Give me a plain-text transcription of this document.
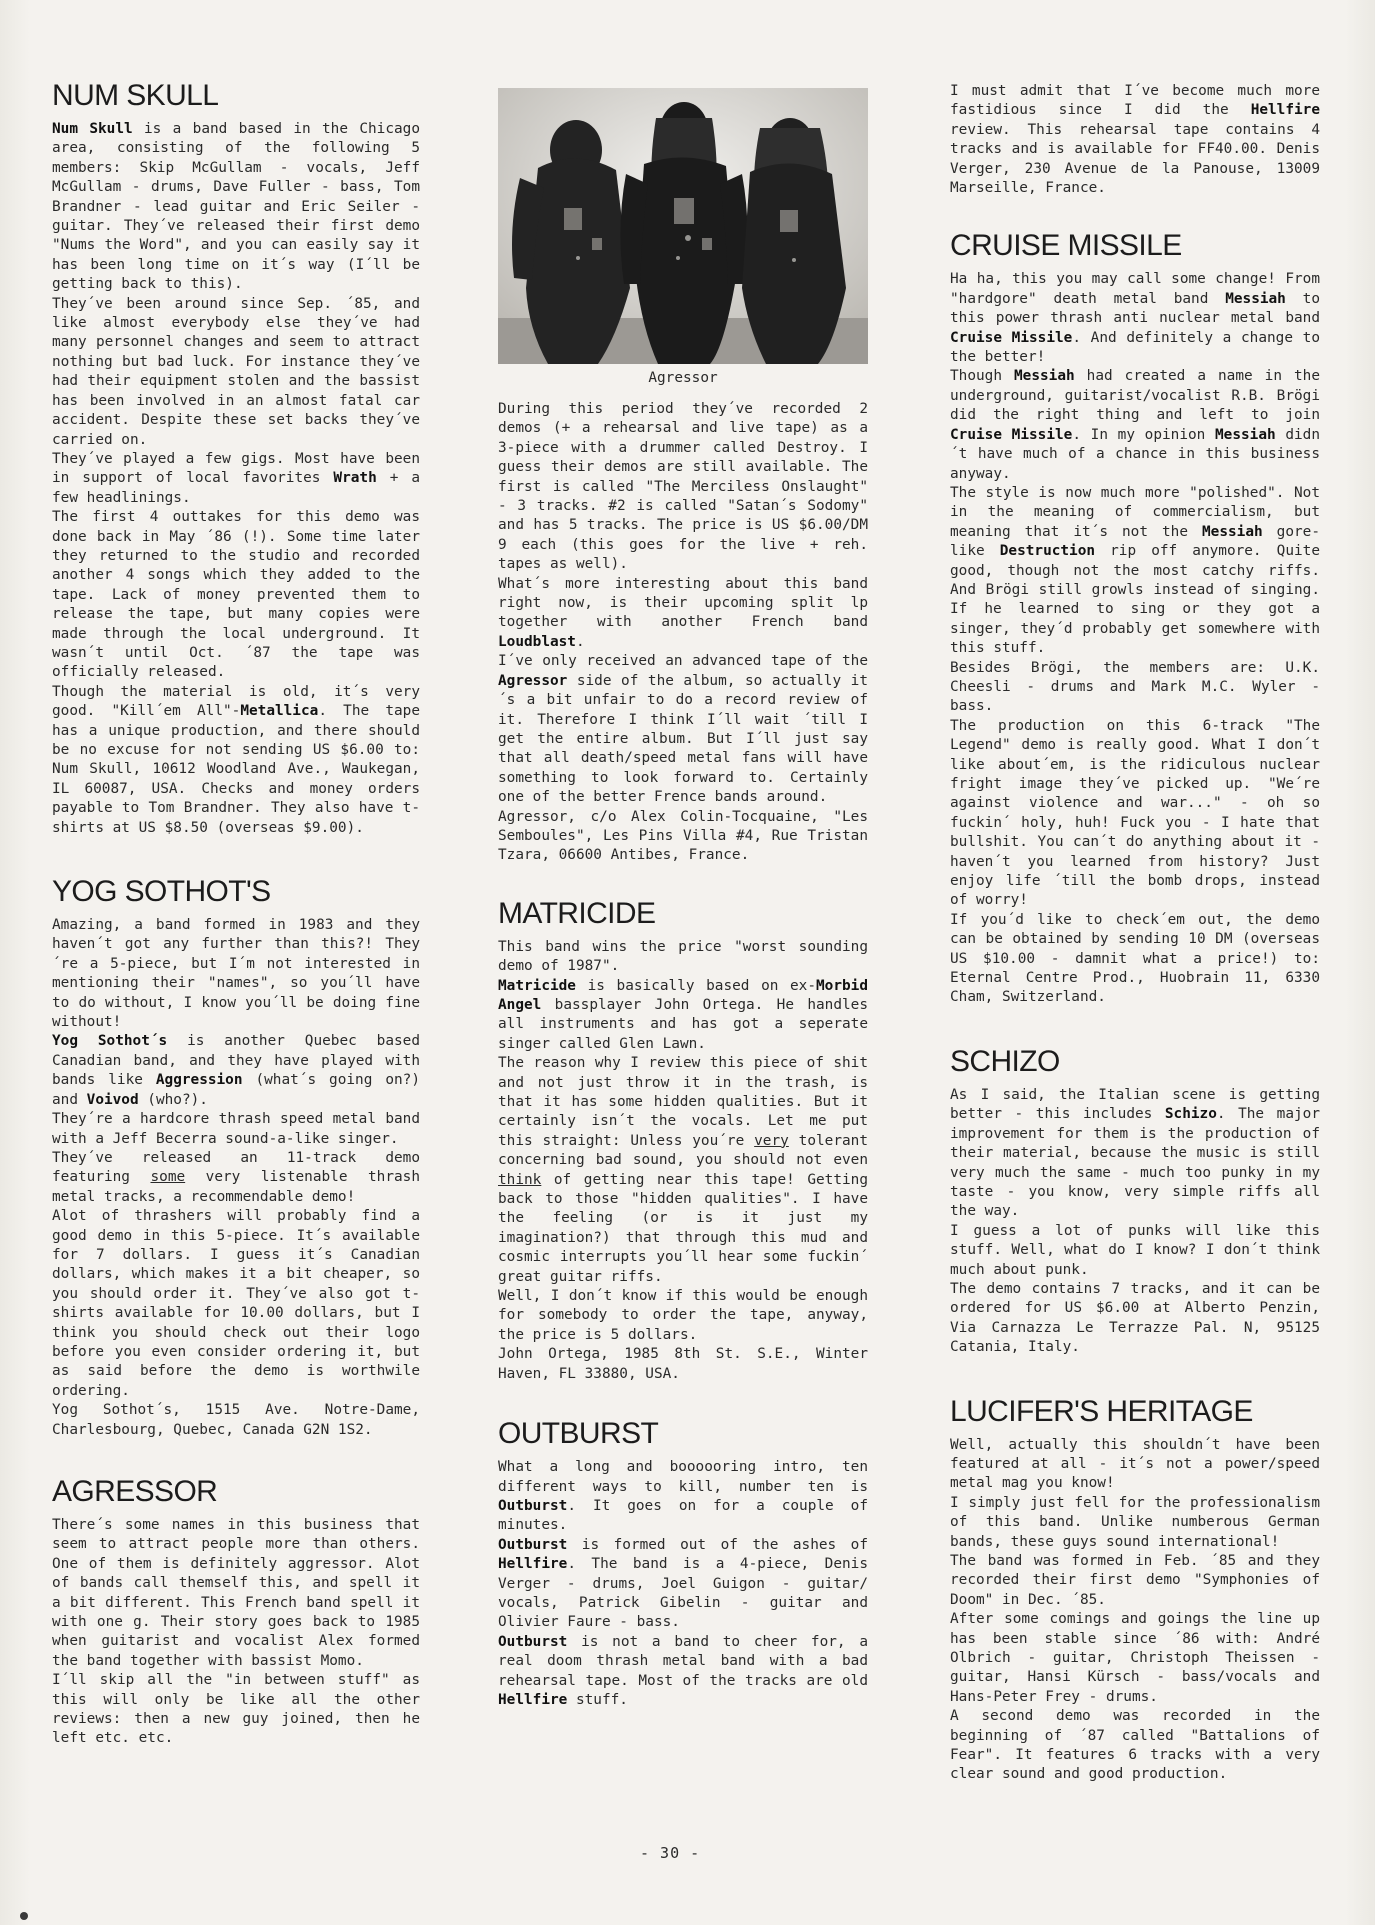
NUM SKULL

Num Skull is a band based in the Chicago area, consisting of the following 5 members: Skip McGullam - vocals, Jeff McGullam - drums, Dave Fuller - bass, Tom Brandner - lead guitar and Eric Seiler - guitar. They´ve released their first demo "Nums the Word", and you can easily say it has been long time on it´s way (I´ll be getting back to this).

They´ve been around since Sep. ´85, and like almost everybody else they´ve had many personnel changes and seem to attract nothing but bad luck. For instance they´ve had their equipment stolen and the bassist has been involved in an almost fatal car accident. Despite these set backs they´ve carried on.

They´ve played a few gigs. Most have been in support of local favorites Wrath + a few headlinings.

The first 4 outtakes for this demo was done back in May ´86 (!). Some time later they returned to the studio and recorded another 4 songs which they added to the tape. Lack of money prevented them to release the tape, but many copies were made through the local underground. It wasn´t until Oct. ´87 the tape was officially released.

Though the material is old, it´s very good. "Kill´em All"-Metallica. The tape has a unique production, and there should be no excuse for not sending US $6.00 to: Num Skull, 10612 Woodland Ave., Waukegan, IL 60087, USA. Checks and money orders payable to Tom Brandner. They also have t-shirts at US $8.50 (overseas $9.00).

YOG SOTHOT'S

Amazing, a band formed in 1983 and they haven´t got any further than this?! They´re a 5-piece, but I´m not interested in mentioning their "names", so you´ll have to do without, I know you´ll be doing fine without!

Yog Sothot´s is another Quebec based Canadian band, and they have played with bands like Aggression (what´s going on?) and Voivod (who?).

They´re a hardcore thrash speed metal band with a Jeff Becerra sound-a-like singer.

They´ve released an 11-track demo featuring some very listenable thrash metal tracks, a recommendable demo!

Alot of thrashers will probably find a good demo in this 5-piece. It´s available for 7 dollars. I guess it´s Canadian dollars, which makes it a bit cheaper, so you should order it. They´ve also got t-shirts available for 10.00 dollars, but I think you should check out their logo before you even consider ordering it, but as said before the demo is worthwile ordering.

Yog Sothot´s, 1515 Ave. Notre-Dame, Charlesbourg, Quebec, Canada G2N 1S2.

AGRESSOR

There´s some names in this business that seem to attract people more than others. One of them is definitely aggressor. Alot of bands call themself this, and spell it a bit different. This French band spell it with one g. Their story goes back to 1985 when guitarist and vocalist Alex formed the band together with bassist Momo.

I´ll skip all the "in between stuff" as this will only be like all the other reviews: then a new guy joined, then he left etc. etc.

Agressor

During this period they´ve recorded 2 demos (+ a rehearsal and live tape) as a 3-piece with a drummer called Destroy. I guess their demos are still available. The first is called "The Merciless Onslaught" - 3 tracks. #2 is called "Satan´s Sodomy" and has 5 tracks. The price is US $6.00/DM 9 each (this goes for the live + reh. tapes as well).

What´s more interesting about this band right now, is their upcoming split lp together with another French band Loudblast.

I´ve only received an advanced tape of the Agressor side of the album, so actually it´s a bit unfair to do a record review of it. Therefore I think I´ll wait ´till I get the entire album. But I´ll just say that all death/speed metal fans will have something to look forward to. Certainly one of the better Frence bands around.

Agressor, c/o Alex Colin-Tocquaine, "Les Semboules", Les Pins Villa #4, Rue Tristan Tzara, 06600 Antibes, France.

MATRICIDE

This band wins the price "worst sounding demo of 1987".

Matricide is basically based on ex-Morbid Angel bassplayer John Ortega. He handles all instruments and has got a seperate singer called Glen Lawn.

The reason why I review this piece of shit and not just throw it in the trash, is that it has some hidden qualities. But it certainly isn´t the vocals. Let me put this straight: Unless you´re very tolerant concerning bad sound, you should not even think of getting near this tape! Getting back to those "hidden qualities". I have the feeling (or is it just my imagination?) that through this mud and cosmic interrupts you´ll hear some fuckin´ great guitar riffs.

Well, I don´t know if this would be enough for somebody to order the tape, anyway, the price is 5 dollars.

John Ortega, 1985 8th St. S.E., Winter Haven, FL 33880, USA.

OUTBURST

What a long and boooooring intro, ten different ways to kill, number ten is Outburst. It goes on for a couple of minutes.

Outburst is formed out of the ashes of Hellfire. The band is a 4-piece, Denis Verger - drums, Joel Guigon - guitar/ vocals, Patrick Gibelin - guitar and Olivier Faure - bass.

Outburst is not a band to cheer for, a real doom thrash metal band with a bad rehearsal tape. Most of the tracks are old Hellfire stuff.

I must admit that I´ve become much more fastidious since I did the Hellfire review. This rehearsal tape contains 4 tracks and is available for FF40.00. Denis Verger, 230 Avenue de la Panouse, 13009 Marseille, France.

CRUISE MISSILE

Ha ha, this you may call some change! From "hardgore" death metal band Messiah to this power thrash anti nuclear metal band Cruise Missile. And definitely a change to the better!

Though Messiah had created a name in the underground, guitarist/vocalist R.B. Brögi did the right thing and left to join Cruise Missile. In my opinion Messiah didn´t have much of a chance in this business anyway.

The style is now much more "polished". Not in the meaning of commercialism, but meaning that it´s not the Messiah gore-like Destruction rip off anymore. Quite good, though not the most catchy riffs. And Brögi still growls instead of singing. If he learned to sing or they got a singer, they´d probably get somewhere with this stuff.

Besides Brögi, the members are: U.K. Cheesli - drums and Mark M.C. Wyler - bass.

The production on this 6-track "The Legend" demo is really good. What I don´t like about´em, is the ridiculous nuclear fright image they´ve picked up. "We´re against violence and war..." - oh so fuckin´ holy, huh! Fuck you - I hate that bullshit. You can´t do anything about it - haven´t you learned from history? Just enjoy life ´till the bomb drops, instead of worry!

If you´d like to check´em out, the demo can be obtained by sending 10 DM (overseas US $10.00 - damnit what a price!) to: Eternal Centre Prod., Huobrain 11, 6330 Cham, Switzerland.

SCHIZO

As I said, the Italian scene is getting better - this includes Schizo. The major improvement for them is the production of their material, because the music is still very much the same - much too punky in my taste - you know, very simple riffs all the way.

I guess a lot of punks will like this stuff. Well, what do I know? I don´t think much about punk.

The demo contains 7 tracks, and it can be ordered for US $6.00 at Alberto Penzin, Via Carnazza Le Terrazze Pal. N, 95125 Catania, Italy.

LUCIFER'S HERITAGE

Well, actually this shouldn´t have been featured at all - it´s not a power/speed metal mag you know!

I simply just fell for the professionalism of this band. Unlike numberous German bands, these guys sound international!

The band was formed in Feb. ´85 and they recorded their first demo "Symphonies of Doom" in Dec. ´85.

After some comings and goings the line up has been stable since ´86 with: André Olbrich - guitar, Christoph Theissen - guitar, Hansi Kürsch - bass/vocals and Hans-Peter Frey - drums.

A second demo was recorded in the beginning of ´87 called "Battalions of Fear". It features 6 tracks with a very clear sound and good production.

- 30 -
